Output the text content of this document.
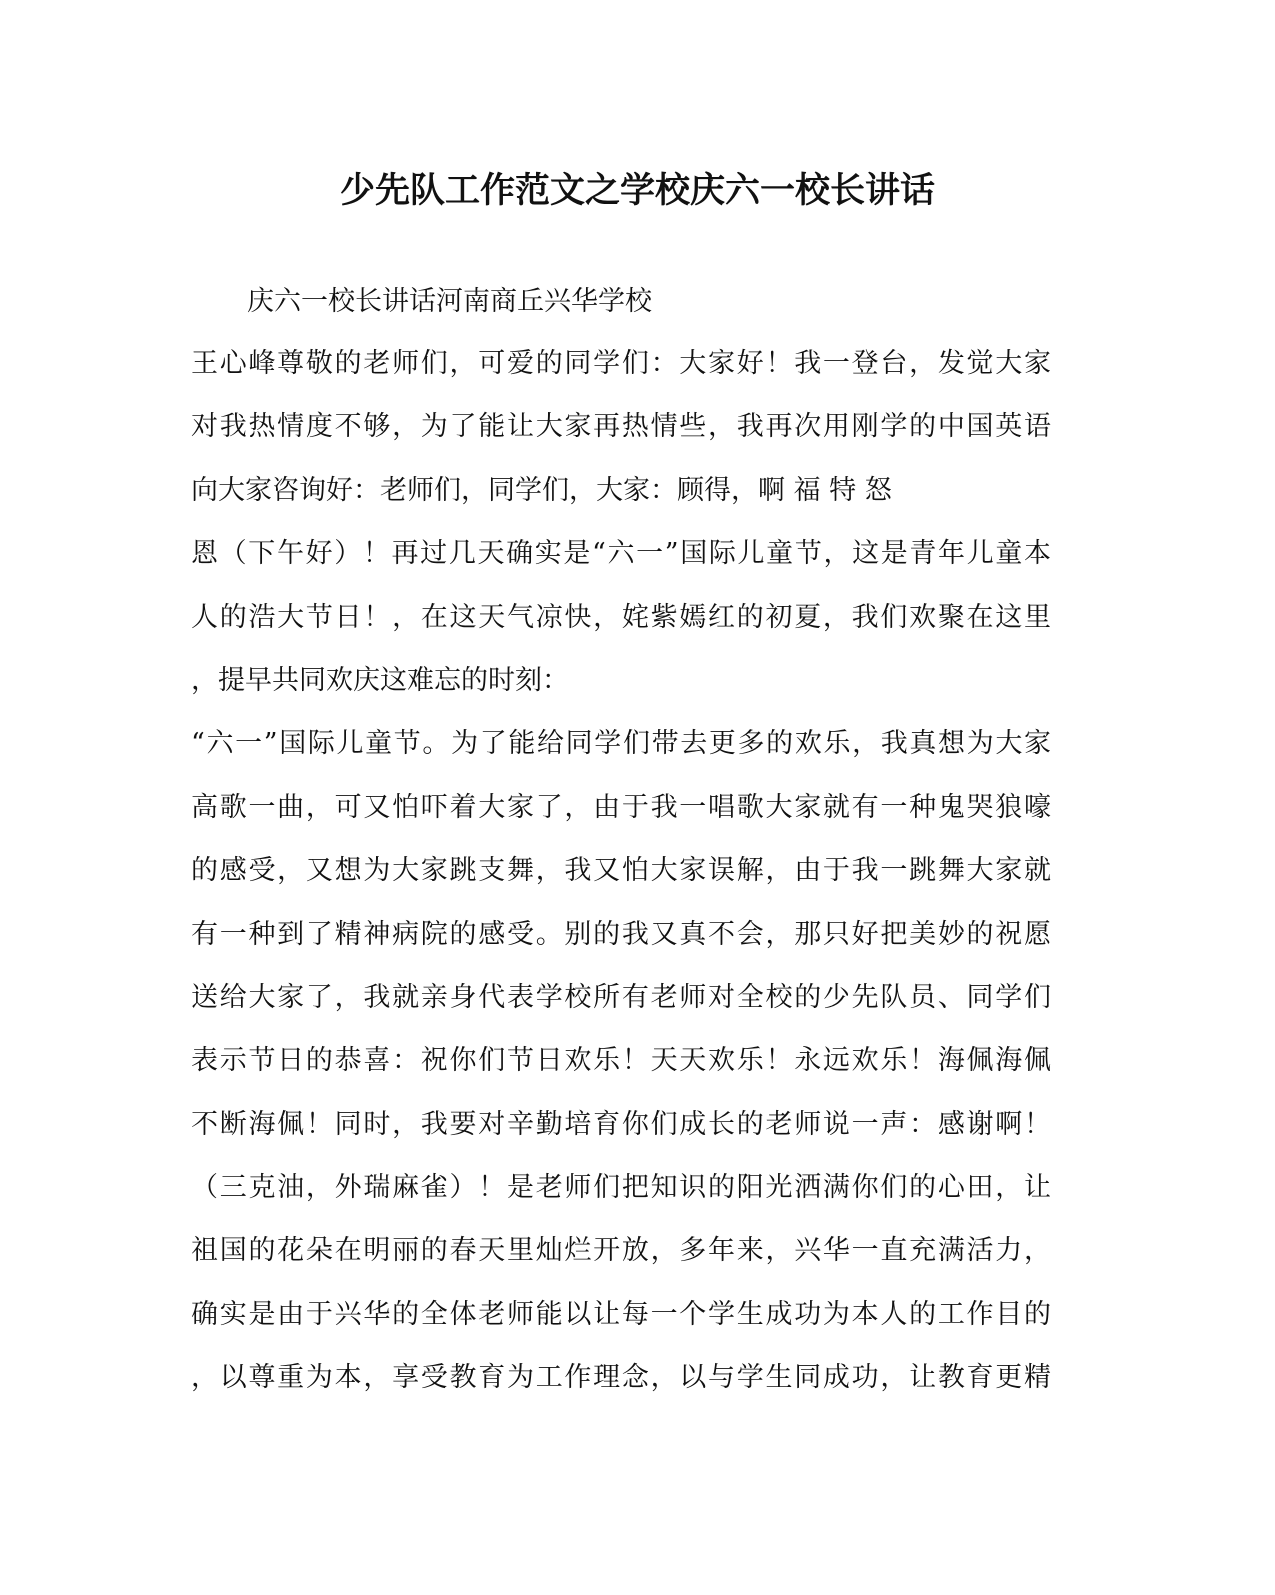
少先队工作范文之学校庆六一校长讲话

庆六一校长讲话河南商丘兴华学校

王心峰尊敬的老师们，可爱的同学们：大家好！我一登台，发觉大家
对我热情度不够，为了能让大家再热情些，我再次用刚学的中国英语
向大家咨询好：老师们，同学们，大家：顾得，啊 福 特 怒
恩（下午好）！再过几天确实是“六一”国际儿童节，这是青年儿童本
人的浩大节日！，在这天气凉快，姹紫嫣红的初夏，我们欢聚在这里
，提早共同欢庆这难忘的时刻：
“六一”国际儿童节。为了能给同学们带去更多的欢乐，我真想为大家
高歌一曲，可又怕吓着大家了，由于我一唱歌大家就有一种鬼哭狼嚎
的感受，又想为大家跳支舞，我又怕大家误解，由于我一跳舞大家就
有一种到了精神病院的感受。别的我又真不会，那只好把美妙的祝愿
送给大家了，我就亲身代表学校所有老师对全校的少先队员、同学们
表示节日的恭喜：祝你们节日欢乐！天天欢乐！永远欢乐！海佩海佩
不断海佩！同时，我要对辛勤培育你们成长的老师说一声：感谢啊！
（三克油，外瑞麻雀）！是老师们把知识的阳光洒满你们的心田，让
祖国的花朵在明丽的春天里灿烂开放，多年来，兴华一直充满活力，
确实是由于兴华的全体老师能以让每一个学生成功为本人的工作目的
，以尊重为本，享受教育为工作理念，以与学生同成功，让教育更精
